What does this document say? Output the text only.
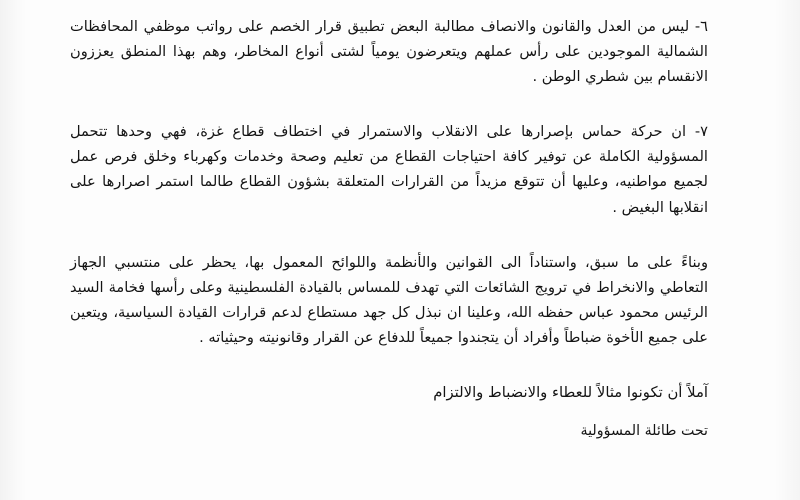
٦- ليس من العدل والقانون والانصاف مطالبة البعض تطبيق قرار الخصم على رواتب موظفي المحافظات الشمالية الموجودين على رأس عملهم ويتعرضون يومياً لشتى أنواع المخاطر، وهم بهذا المنطق يعززون الانقسام بين شطري الوطن .

٧- ان حركة حماس بإصرارها على الانقلاب والاستمرار في اختطاف قطاع غزة، فهي وحدها تتحمل المسؤولية الكاملة عن توفير كافة احتياجات القطاع من تعليم وصحة وخدمات وكهرباء وخلق فرص عمل لجميع مواطنيه، وعليها أن تتوقع مزيداً من القرارات المتعلقة بشؤون القطاع طالما استمر اصرارها على انقلابها البغيض .

وبناءً على ما سبق، واستناداً الى القوانين والأنظمة واللوائح المعمول بها، يحظر على منتسبي الجهاز التعاطي والانخراط في ترويج الشائعات التي تهدف للمساس بالقيادة الفلسطينية وعلى رأسها فخامة السيد الرئيس محمود عباس حفظه الله، وعلينا ان نبذل كل جهد مستطاع لدعم قرارات القيادة السياسية، ويتعين على جميع الأخوة ضباطاً وأفراد أن يتجندوا جميعاً للدفاع عن القرار وقانونيته وحيثياته .

آملاً أن تكونوا مثالاً للعطاء والانضباط والالتزام

تحت طائلة المسؤولية
